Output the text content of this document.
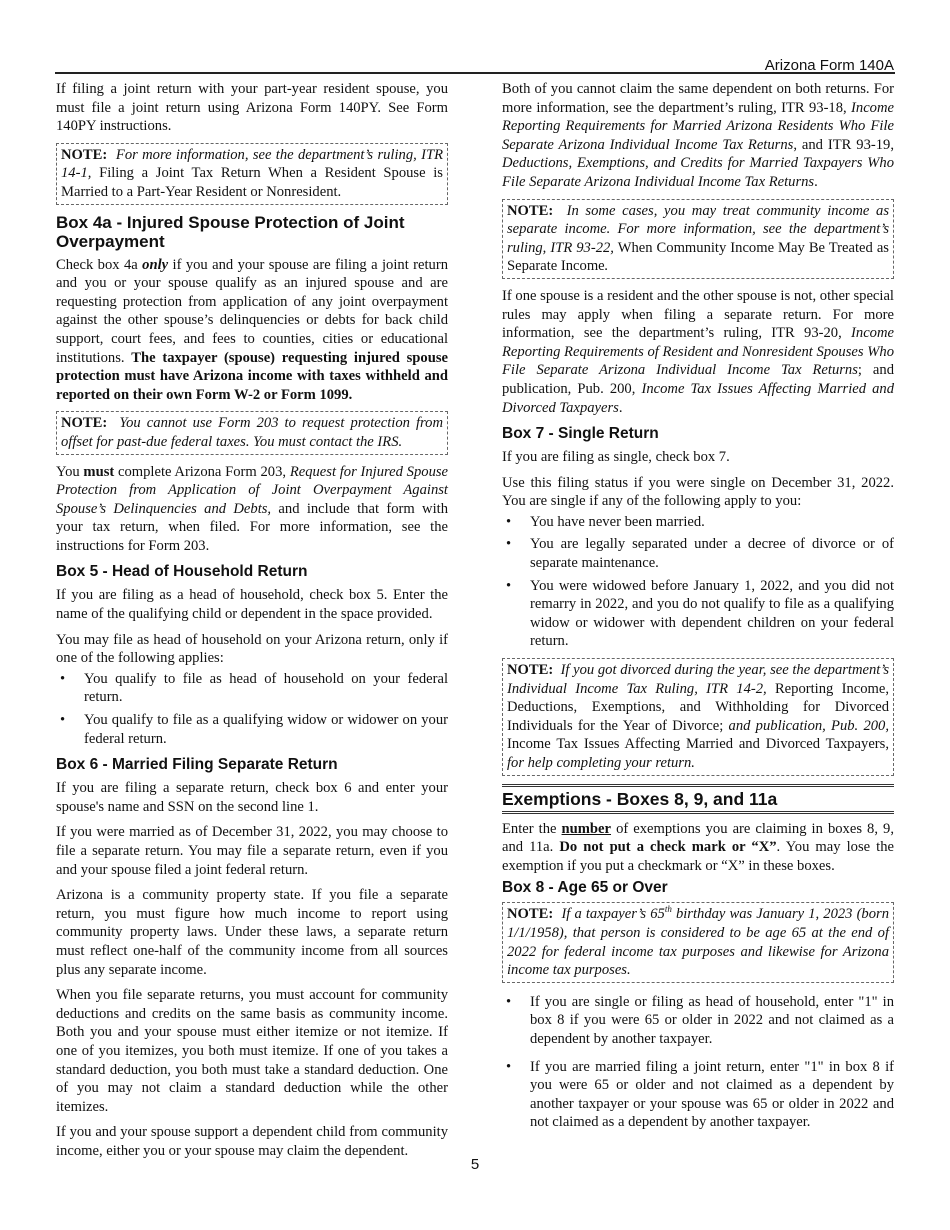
Arizona Form 140A

If filing a joint return with your part-year resident spouse, you must file a joint return using Arizona Form 140PY. See Form 140PY instructions.

NOTE: For more information, see the department’s ruling, ITR 14-1, Filing a Joint Tax Return When a Resident Spouse is Married to a Part-Year Resident or Nonresident.
Box 4a - Injured Spouse Protection of Joint Overpayment

Check box 4a only if you and your spouse are filing a joint return and you or your spouse qualify as an injured spouse and are requesting protection from application of any joint overpayment against the other spouse’s delinquencies or debts for back child support, court fees, and fees to counties, cities or educational institutions. The taxpayer (spouse) requesting injured spouse protection must have Arizona income with taxes withheld and reported on their own Form W-2 or Form 1099.

NOTE: You cannot use Form 203 to request protection from offset for past-due federal taxes. You must contact the IRS.

You must complete Arizona Form 203, Request for Injured Spouse Protection from Application of Joint Overpayment Against Spouse’s Delinquencies and Debts, and include that form with your tax return, when filed. For more information, see the instructions for Form 203.

Box 5 - Head of Household Return

If you are filing as a head of household, check box 5. Enter the name of the qualifying child or dependent in the space provided.

You may file as head of household on your Arizona return, only if one of the following applies:

• You qualify to file as head of household on your federal return.
• You qualify to file as a qualifying widow or widower on your federal return.
Box 6 - Married Filing Separate Return

If you are filing a separate return, check box 6 and enter your spouse's name and SSN on the second line 1.

If you were married as of December 31, 2022, you may choose to file a separate return. You may file a separate return, even if you and your spouse filed a joint federal return.

Arizona is a community property state. If you file a separate return, you must figure how much income to report using community property laws. Under these laws, a separate return must reflect one-half of the community income from all sources plus any separate income.

When you file separate returns, you must account for community deductions and credits on the same basis as community income. Both you and your spouse must either itemize or not itemize. If one of you itemizes, you both must itemize. If one of you takes a standard deduction, you both must take a standard deduction. One of you may not claim a standard deduction while the other itemizes.

If you and your spouse support a dependent child from community income, either you or your spouse may claim the dependent.

Both of you cannot claim the same dependent on both returns. For more information, see the department’s ruling, ITR 93-18, Income Reporting Requirements for Married Arizona Residents Who File Separate Arizona Individual Income Tax Returns, and ITR 93-19, Deductions, Exemptions, and Credits for Married Taxpayers Who File Separate Arizona Individual Income Tax Returns.

NOTE: In some cases, you may treat community income as separate income. For more information, see the department’s ruling, ITR 93-22, When Community Income May Be Treated as Separate Income.

If one spouse is a resident and the other spouse is not, other special rules may apply when filing a separate return. For more information, see the department’s ruling, ITR 93-20, Income Reporting Requirements of Resident and Nonresident Spouses Who File Separate Arizona Individual Income Tax Returns; and publication, Pub. 200, Income Tax Issues Affecting Married and Divorced Taxpayers.

Box 7 - Single Return

If you are filing as single, check box 7.

Use this filing status if you were single on December 31, 2022. You are single if any of the following apply to you:

• You have never been married.
• You are legally separated under a decree of divorce or of separate maintenance.
• You were widowed before January 1, 2022, and you did not remarry in 2022, and you do not qualify to file as a qualifying widow or widower with dependent children on your federal return.
NOTE: If you got divorced during the year, see the department’s Individual Income Tax Ruling, ITR 14-2, Reporting Income, Deductions, Exemptions, and Withholding for Divorced Individuals for the Year of Divorce; and publication, Pub. 200, Income Tax Issues Affecting Married and Divorced Taxpayers, for help completing your return.
Exemptions - Boxes 8, 9, and 11a

Enter the number of exemptions you are claiming in boxes 8, 9, and 11a. Do not put a check mark or “X”. You may lose the exemption if you put a checkmark or “X” in these boxes.

Box 8 - Age 65 or Over
NOTE: If a taxpayer’s 65th birthday was January 1, 2023 (born 1/1/1958), that person is considered to be age 65 at the end of 2022 for federal income tax purposes and likewise for Arizona income tax purposes.
• If you are single or filing as head of household, enter "1" in box 8 if you were 65 or older in 2022 and not claimed as a dependent by another taxpayer.
• If you are married filing a joint return, enter "1" in box 8 if you were 65 or older and not claimed as a dependent by another taxpayer or your spouse was 65 or older in 2022 and not claimed as a dependent by another taxpayer.
5
